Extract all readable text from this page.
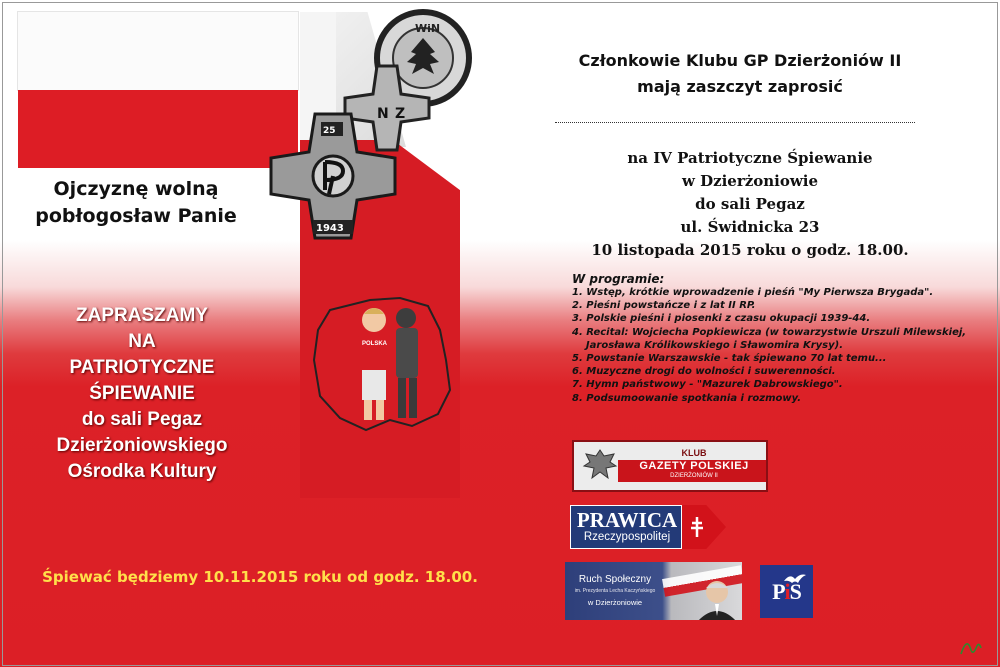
WiN
N Z
25
1943
Ojczyznę wolną
pobłogosław Panie
POLSKA
ZAPRASZAMY
NA
PATRIOTYCZNE
ŚPIEWANIE
do sali Pegaz
Dzierżoniowskiego
Ośrodka Kultury
Śpiewać będziemy 10.11.2015 roku od godz. 18.00.
Członkowie Klubu GP Dzierżoniów II
mają zaszczyt zaprosić
na IV Patriotyczne Śpiewanie
w Dzierżoniowie
do sali Pegaz
ul. Świdnicka 23
10 listopada 2015 roku o godz. 18.00.
W programie:
1. Wstęp, krótkie wprowadzenie i pieśń "My Pierwsza Brygada".
2. Pieśni powstańcze i z lat II RP.
3. Polskie pieśni i piosenki z czasu okupacji 1939-44.
4. Recital: Wojciecha Popkiewicza (w towarzystwie Urszuli Milewskiej,
Jarosława Królikowskiego i Sławomira Krysy).
5. Powstanie Warszawskie - tak śpiewano 70 lat temu...
6. Muzyczne drogi do wolności i suwerenności.
7. Hymn państwowy - "Mazurek Dabrowskiego".
8. Podsumoowanie spotkania i rozmowy.
KLUB
GAZETY POLSKIEJ
DZIERŻONIÓW II
PRAWICA
Rzeczypospolitej
Ruch Społeczny
im. Prezydenta Lecha Kaczyńskiego
w Dzierżoniowie	PiS
